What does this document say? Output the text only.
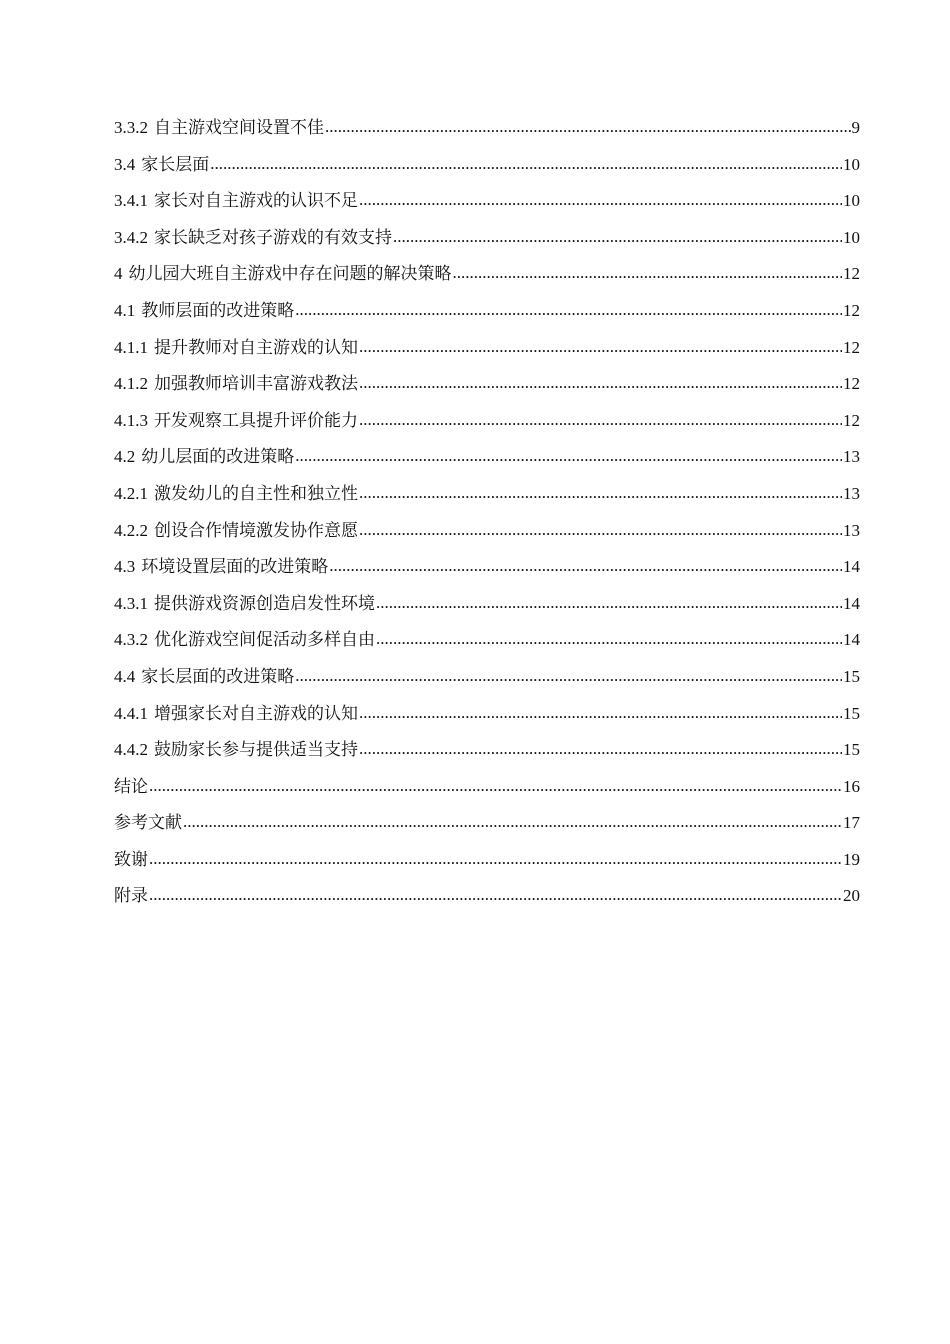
3.3.2 自主游戏空间设置不佳 .....	9
3.4 家长层面 .....	10
3.4.1 家长对自主游戏的认识不足 .....	10
3.4.2 家长缺乏对孩子游戏的有效支持 .....	10
4 幼儿园大班自主游戏中存在问题的解决策略 .....	12
4.1 教师层面的改进策略 .....	12
4.1.1 提升教师对自主游戏的认知 .....	12
4.1.2 加强教师培训丰富游戏教法 .....	12
4.1.3 开发观察工具提升评价能力 .....	12
4.2 幼儿层面的改进策略 .....	13
4.2.1 激发幼儿的自主性和独立性 .....	13
4.2.2 创设合作情境激发协作意愿 .....	13
4.3 环境设置层面的改进策略 .....	14
4.3.1 提供游戏资源创造启发性环境 .....	14
4.3.2 优化游戏空间促活动多样自由 .....	14
4.4 家长层面的改进策略 .....	15
4.4.1 增强家长对自主游戏的认知 .....	15
4.4.2 鼓励家长参与提供适当支持 .....	15
结论 .....	16
参考文献 .....	17
致谢 .....	19
附录 .....	20
